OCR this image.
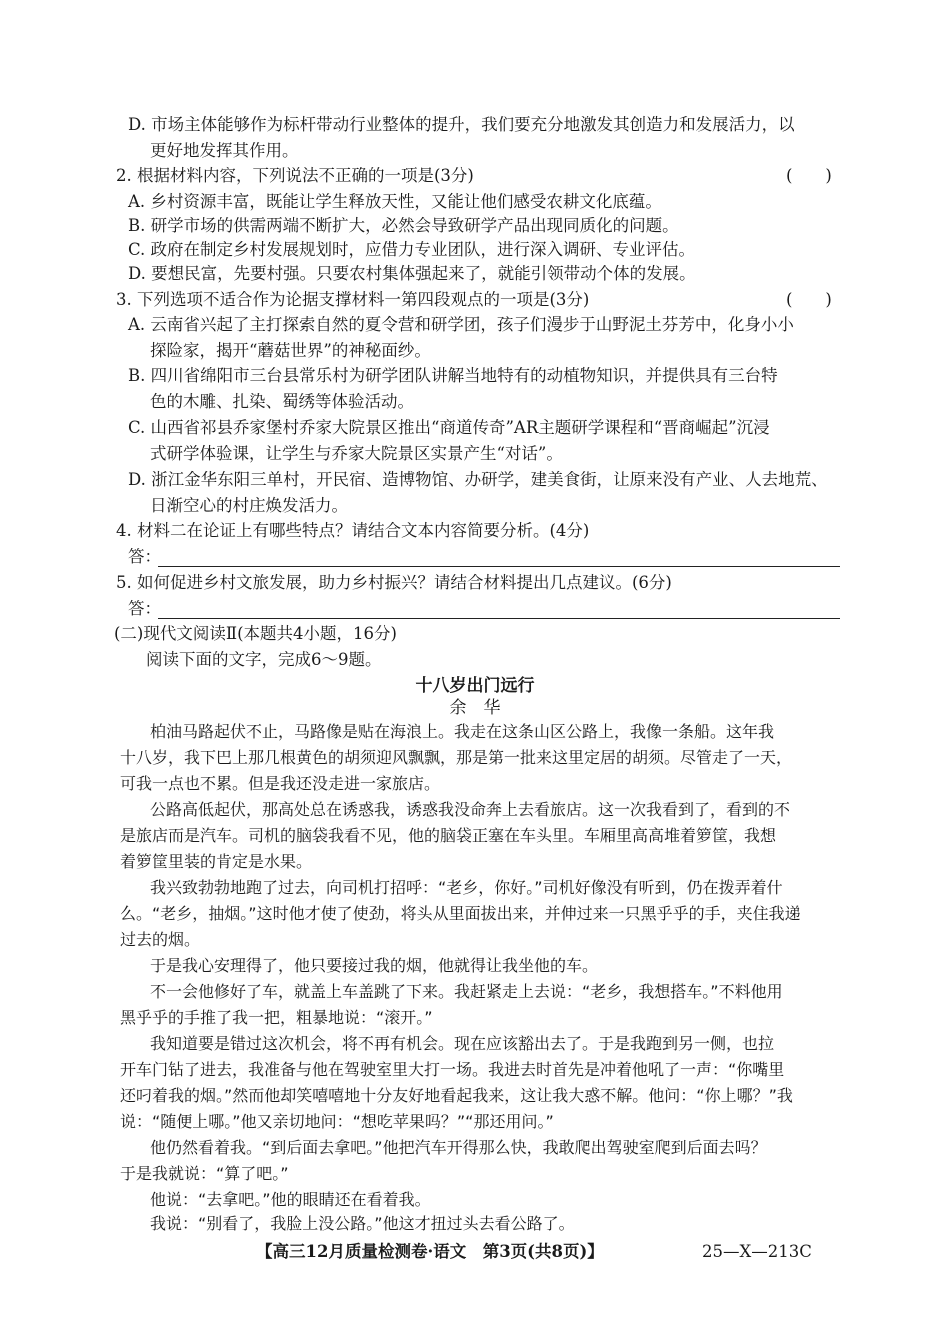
D. 市场主体能够作为标杆带动行业整体的提升，我们要充分地激发其创造力和发展活力，以
更好地发挥其作用。
2. 根据材料内容，下列说法不正确的一项是(3分)	(　　)
A. 乡村资源丰富，既能让学生释放天性，又能让他们感受农耕文化底蕴。
B. 研学市场的供需两端不断扩大，必然会导致研学产品出现同质化的问题。
C. 政府在制定乡村发展规划时，应借力专业团队，进行深入调研、专业评估。
D. 要想民富，先要村强。只要农村集体强起来了，就能引领带动个体的发展。
3. 下列选项不适合作为论据支撑材料一第四段观点的一项是(3分)	(　　)
A. 云南省兴起了主打探索自然的夏令营和研学团，孩子们漫步于山野泥土芬芳中，化身小小
探险家，揭开“蘑菇世界”的神秘面纱。
B. 四川省绵阳市三台县常乐村为研学团队讲解当地特有的动植物知识，并提供具有三台特
色的木雕、扎染、蜀绣等体验活动。
C. 山西省祁县乔家堡村乔家大院景区推出“商道传奇”AR主题研学课程和“晋商崛起”沉浸
式研学体验课，让学生与乔家大院景区实景产生“对话”。
D. 浙江金华东阳三单村，开民宿、造博物馆、办研学，建美食街，让原来没有产业、人去地荒、
日渐空心的村庄焕发活力。
4. 材料二在论证上有哪些特点？请结合文本内容简要分析。(4分)
答：
5. 如何促进乡村文旅发展，助力乡村振兴？请结合材料提出几点建议。(6分)
答：
(二)现代文阅读Ⅱ(本题共4小题，16分)
阅读下面的文字，完成6～9题。
十八岁出门远行
余　华
柏油马路起伏不止，马路像是贴在海浪上。我走在这条山区公路上，我像一条船。这年我
十八岁，我下巴上那几根黄色的胡须迎风飘飘，那是第一批来这里定居的胡须。尽管走了一天，
可我一点也不累。但是我还没走进一家旅店。
公路高低起伏，那高处总在诱惑我，诱惑我没命奔上去看旅店。这一次我看到了，看到的不
是旅店而是汽车。司机的脑袋我看不见，他的脑袋正塞在车头里。车厢里高高堆着箩筐，我想
着箩筐里装的肯定是水果。
我兴致勃勃地跑了过去，向司机打招呼：“老乡，你好。”司机好像没有听到，仍在拨弄着什
么。“老乡，抽烟。”这时他才使了使劲，将头从里面拔出来，并伸过来一只黑乎乎的手，夹住我递
过去的烟。
于是我心安理得了，他只要接过我的烟，他就得让我坐他的车。
不一会他修好了车，就盖上车盖跳了下来。我赶紧走上去说：“老乡，我想搭车。”不料他用
黑乎乎的手推了我一把，粗暴地说：“滚开。”
我知道要是错过这次机会，将不再有机会。现在应该豁出去了。于是我跑到另一侧，也拉
开车门钻了进去，我准备与他在驾驶室里大打一场。我进去时首先是冲着他吼了一声：“你嘴里
还叼着我的烟。”然而他却笑嘻嘻地十分友好地看起我来，这让我大惑不解。他问：“你上哪？”我
说：“随便上哪。”他又亲切地问：“想吃苹果吗？”“那还用问。”
他仍然看着我。“到后面去拿吧。”他把汽车开得那么快，我敢爬出驾驶室爬到后面去吗？
于是我就说：“算了吧。”
他说：“去拿吧。”他的眼睛还在看着我。
我说：“别看了，我脸上没公路。”他这才扭过头去看公路了。
【高三12月质量检测卷·语文　第3页(共8页)】	25—X—213C
